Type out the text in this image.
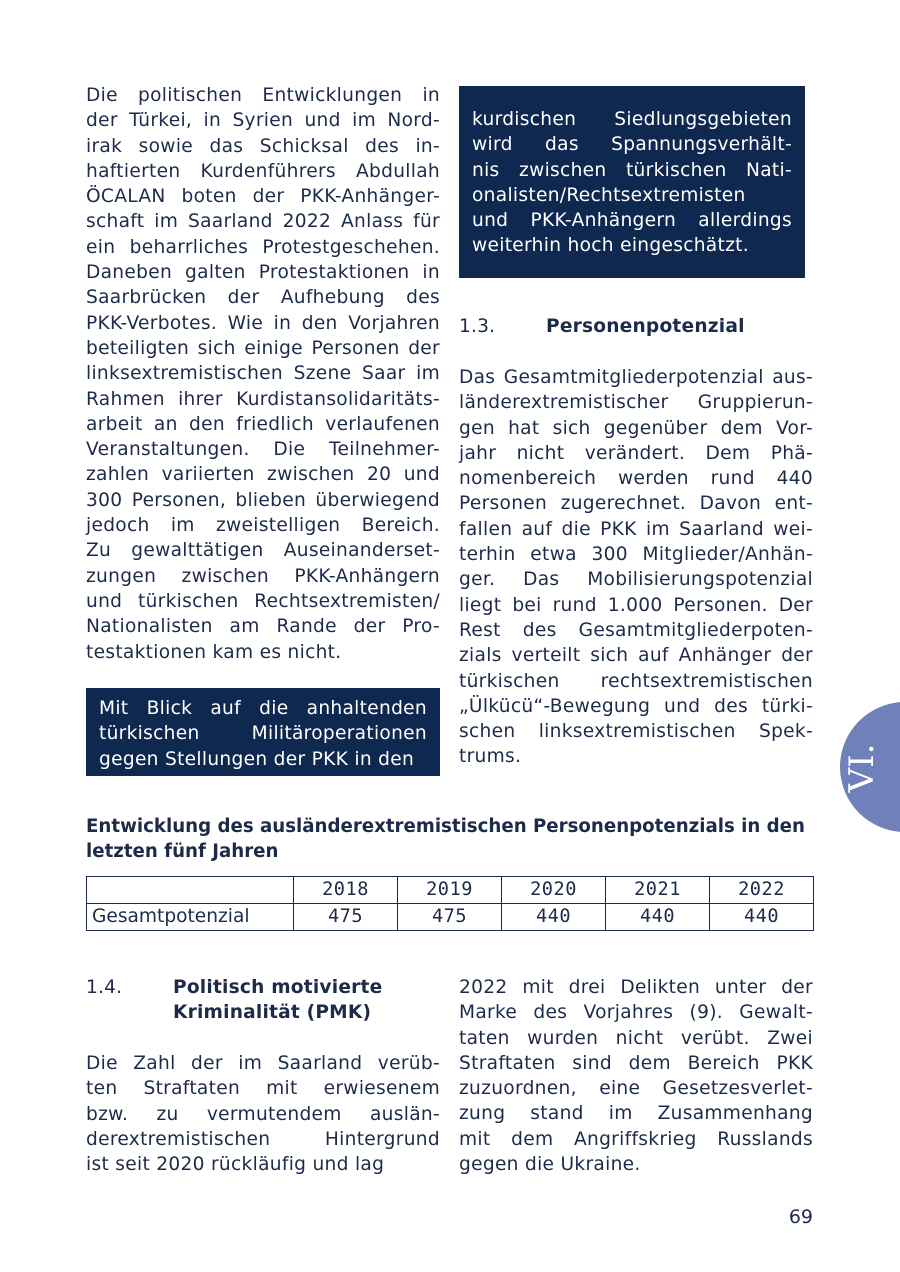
Die politischen Entwicklungen in
der Türkei, in Syrien und im Nord-
irak sowie das Schicksal des in-
haftierten Kurdenführers Abdullah
ÖCALAN boten der PKK-Anhänger-
schaft im Saarland 2022 Anlass für
ein beharrliches Protestgeschehen.
Daneben galten Protestaktionen in
Saarbrücken der Aufhebung des
PKK-Verbotes. Wie in den Vorjahren
beteiligten sich einige Personen der
linksextremistischen Szene Saar im
Rahmen ihrer Kurdistansolidaritäts-
arbeit an den friedlich verlaufenen
Veranstaltungen. Die Teilnehmer-
zahlen variierten zwischen 20 und
300 Personen, blieben überwiegend
jedoch im zweistelligen Bereich.
Zu gewalttätigen Auseinanderset-
zungen zwischen PKK-Anhängern
und türkischen Rechtsextremisten/
Nationalisten am Rande der Pro-
testaktionen kam es nicht.

Mit Blick auf die anhaltenden
türkischen Militäroperationen
gegen Stellungen der PKK in den

kurdischen Siedlungsgebieten
wird das Spannungsverhält-
nis zwischen türkischen Nati-
onalisten/Rechtsextremisten
und PKK-Anhängern allerdings
weiterhin hoch eingeschätzt.

1.3.	Personenpotenzial

Das Gesamtmitgliederpotenzial aus-
länderextremistischer Gruppierun-
gen hat sich gegenüber dem Vor-
jahr nicht verändert. Dem Phä-
nomenbereich werden rund 440
Personen zugerechnet. Davon ent-
fallen auf die PKK im Saarland wei-
terhin etwa 300 Mitglieder/Anhän-
ger. Das Mobilisierungspotenzial
liegt bei rund 1.000 Personen. Der
Rest des Gesamtmitgliederpoten-
zials verteilt sich auf Anhänger der
türkischen rechtsextremistischen
„Ülkücü“-Bewegung und des türki-
schen linksextremistischen Spek-
trums.	VI.
Entwicklung des ausländerextremistischen Personenpotenzials in den
letzten fünf Jahren
	2018	2019	2020	2021	2022
Gesamtpotenzial	475	475	440	440	440
1.4.	Politisch motivierte
Kriminalität (PMK)

Die Zahl der im Saarland verüb-
ten Straftaten mit erwiesenem
bzw. zu vermutendem auslän-
derextremistischen Hintergrund
ist seit 2020 rückläufig und lag

2022 mit drei Delikten unter der
Marke des Vorjahres (9). Gewalt-
taten wurden nicht verübt. Zwei
Straftaten sind dem Bereich PKK
zuzuordnen, eine Gesetzesverlet-
zung stand im Zusammenhang
mit dem Angriffskrieg Russlands
gegen die Ukraine.

69
